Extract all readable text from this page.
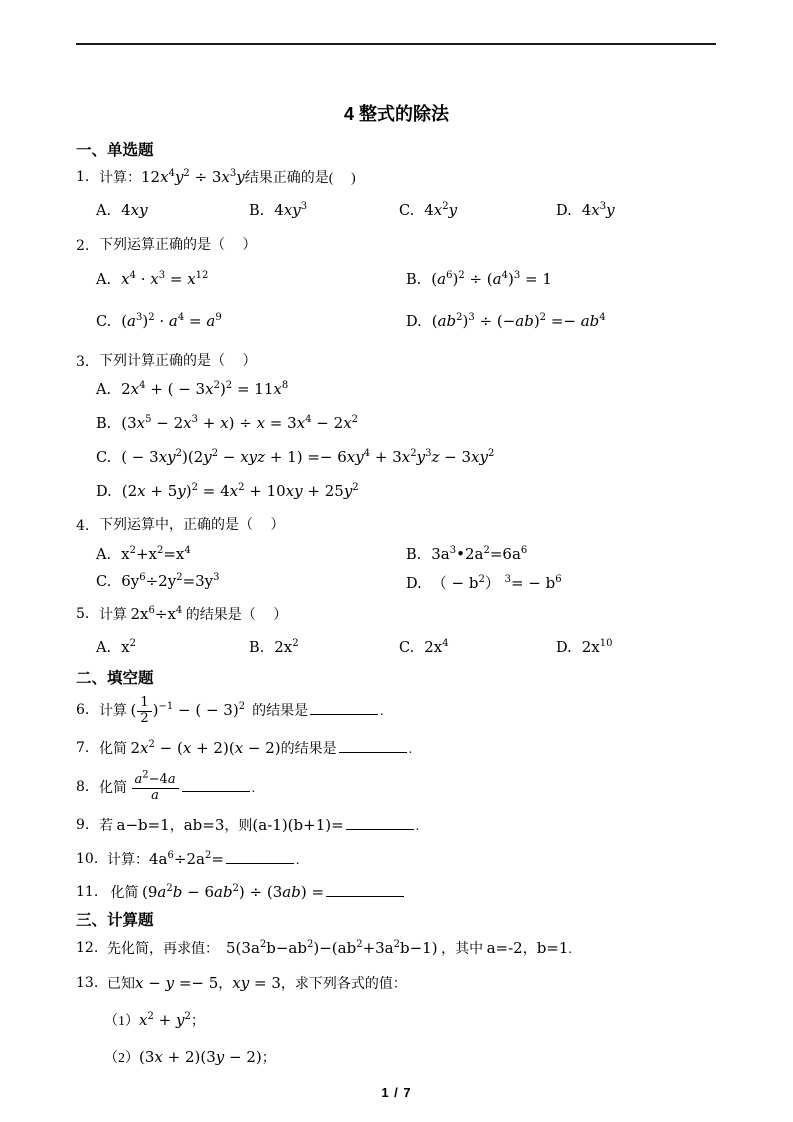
4 整式的除法
一、单选题
1. 计算：$12x^4y^2 \div 3x^3y$结果正确的是(     )
A. 4xy	B. $4xy^3$	C. $4x^2y$	D. $4x^3y$
2. 下列运算正确的是（     ）
A. $x^4 \cdot x^3 = x^{12}$	B. $(a^6)^2 \div (a^4)^3 = 1$
C. $(a^3)^2 \cdot a^4 = a^9$	D. $(ab^2)^3 \div (-ab)^2 =- ab^4$
3. 下列计算正确的是（     ）
A. $2x^4$ + ( − $3x^2)^2 = 11x^8$
B. $(3x^5 - 2x^3 + x) \div x = 3x^4 - 2x^2$
C. ( − $3xy^2)(2y^2$ − xyz + $1) =- 6xy^4 + 3x^2y^3z - 3xy^2$
D. $(2x + 5y)^2 = 4x^2 + 10xy + 25y^2$
4. 下列运算中，正确的是（     ）
A. $x^2+x^2=x^4$	B. $3a^3•2a^2=6a^6$
C. $6y^6\div 2y^2=3y^3$	D. （ − $b^2$） $^3= - b^6$
5. 计算 $2x^6\div x^4$ 的结果是（     ）
A. $x^2$	B. $2x^2$	C. $2x^4$	D. $2x^{10}$
二、填空题
6. 计算 ( $\frac{1}{2} )^{-1}$ − ( − 3)$^2$  的结果是	.
7. 化简 $2x^2 - (x + 2)(x - 2)$的结果是	.
8. 化简 $\frac{a^2-4a}{a}$	.
9. 若 a−b=1，ab=3，则(a-1)(b+1)=	.
10. 计算：$4a^6\div 2a^2=$	.
11. 化简 $(9a^2b - 6ab^2) \div (3ab)$ =
三、计算题
12. 先化简，再求值：  $5(3a^2b-ab^2)-(ab^2+3a^2b-1)$ ，其中 a=-2，b=1.
13. 已知x − y =− 5，xy = 3，求下列各式的值：
$(1)x^2 + y^2$；
（2）(3x + 2)(3y − 2)；
1 / 7
